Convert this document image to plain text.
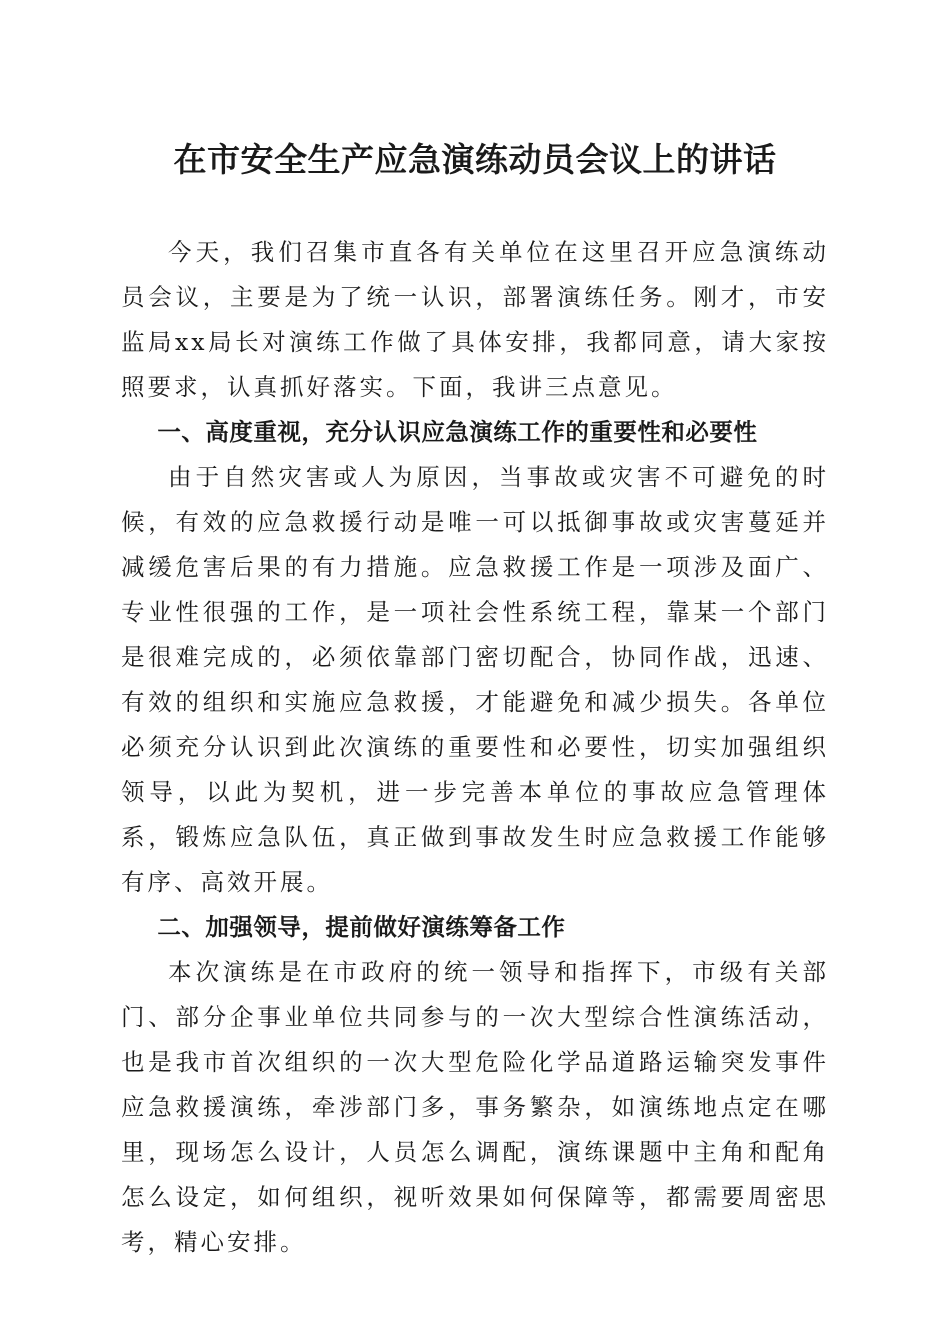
在市安全生产应急演练动员会议上的讲话

今天，我们召集市直各有关单位在这里召开应急演练动员会议，主要是为了统一认识，部署演练任务。刚才，市安监局xx局长对演练工作做了具体安排，我都同意，请大家按照要求，认真抓好落实。下面，我讲三点意见。

一、高度重视，充分认识应急演练工作的重要性和必要性

由于自然灾害或人为原因，当事故或灾害不可避免的时候，有效的应急救援行动是唯一可以抵御事故或灾害蔓延并减缓危害后果的有力措施。应急救援工作是一项涉及面广、专业性很强的工作，是一项社会性系统工程，靠某一个部门是很难完成的，必须依靠部门密切配合，协同作战，迅速、有效的组织和实施应急救援，才能避免和减少损失。各单位必须充分认识到此次演练的重要性和必要性，切实加强组织领导，以此为契机，进一步完善本单位的事故应急管理体系，锻炼应急队伍，真正做到事故发生时应急救援工作能够有序、高效开展。

二、加强领导，提前做好演练筹备工作

本次演练是在市政府的统一领导和指挥下，市级有关部门、部分企事业单位共同参与的一次大型综合性演练活动，也是我市首次组织的一次大型危险化学品道路运输突发事件应急救援演练，牵涉部门多，事务繁杂，如演练地点定在哪里，现场怎么设计，人员怎么调配，演练课题中主角和配角怎么设定，如何组织，视听效果如何保障等，都需要周密思考，精心安排。
